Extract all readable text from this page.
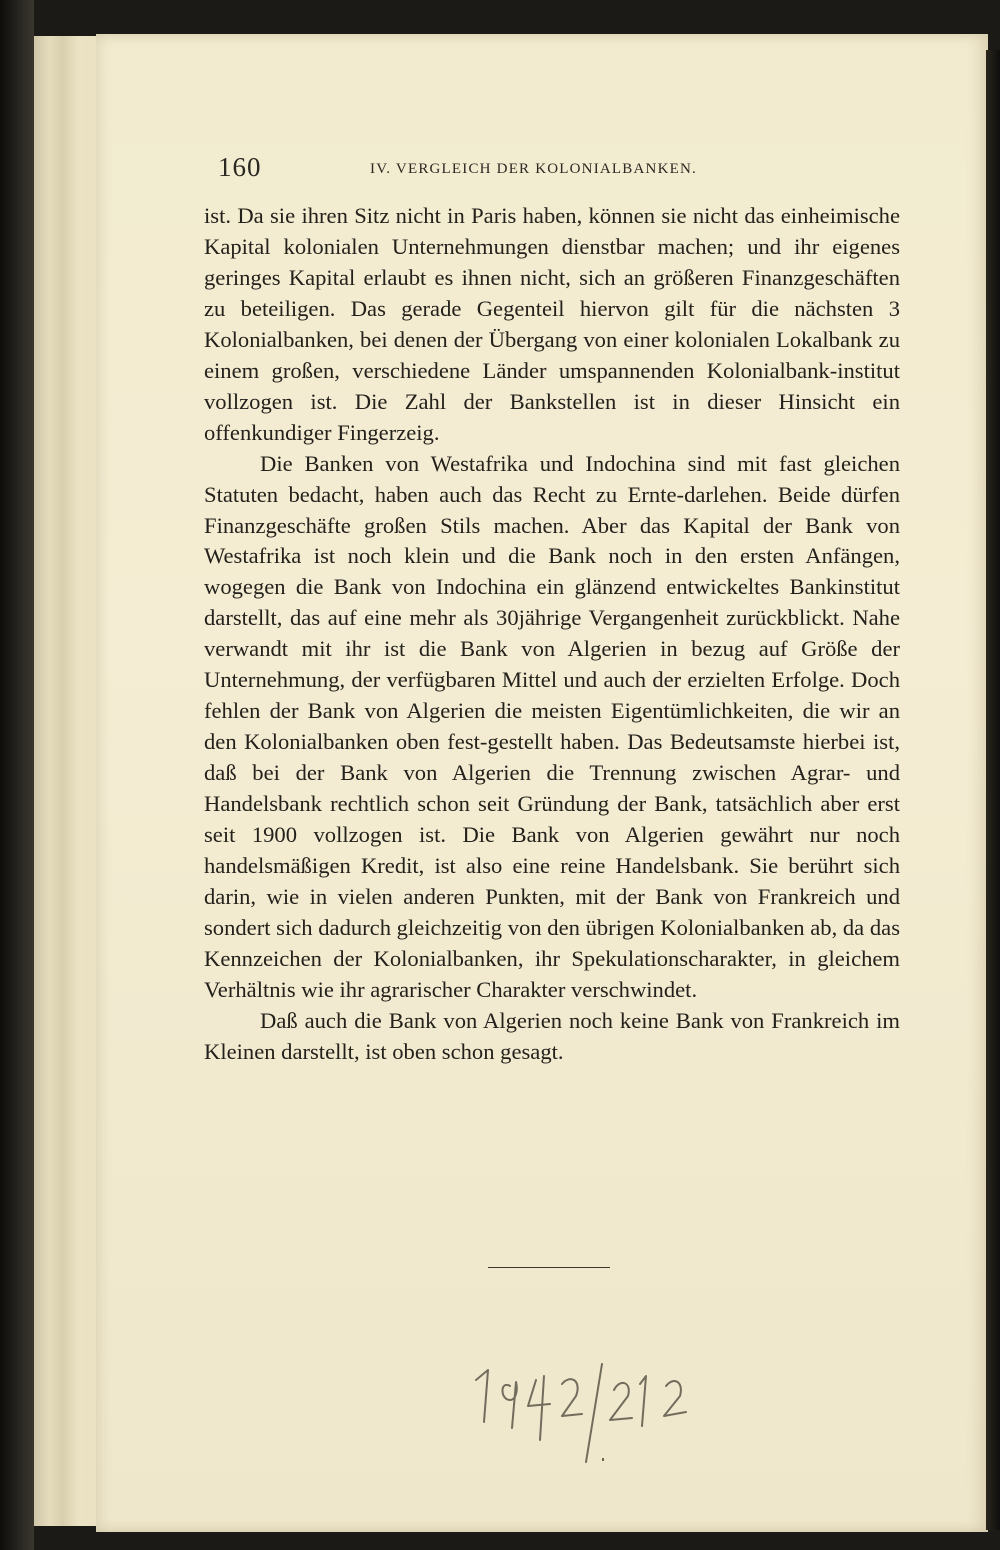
160	IV. VERGLEICH DER KOLONIALBANKEN.

ist. Da sie ihren Sitz nicht in Paris haben, können sie nicht das einheimische Kapital kolonialen Unternehmungen dienstbar machen; und ihr eigenes geringes Kapital erlaubt es ihnen nicht, sich an größeren Finanzgeschäften zu beteiligen. Das gerade Gegenteil hiervon gilt für die nächsten 3 Kolonialbanken, bei denen der Übergang von einer kolonialen Lokalbank zu einem großen, verschiedene Länder umspannenden Kolonialbank-institut vollzogen ist. Die Zahl der Bankstellen ist in dieser Hinsicht ein offenkundiger Fingerzeig.

Die Banken von Westafrika und Indochina sind mit fast gleichen Statuten bedacht, haben auch das Recht zu Ernte-darlehen. Beide dürfen Finanzgeschäfte großen Stils machen. Aber das Kapital der Bank von Westafrika ist noch klein und die Bank noch in den ersten Anfängen, wogegen die Bank von Indochina ein glänzend entwickeltes Bankinstitut darstellt, das auf eine mehr als 30jährige Vergangenheit zurückblickt. Nahe verwandt mit ihr ist die Bank von Algerien in bezug auf Größe der Unternehmung, der verfügbaren Mittel und auch der erzielten Erfolge. Doch fehlen der Bank von Algerien die meisten Eigentümlichkeiten, die wir an den Kolonialbanken oben fest-gestellt haben. Das Bedeutsamste hierbei ist, daß bei der Bank von Algerien die Trennung zwischen Agrar- und Handelsbank rechtlich schon seit Gründung der Bank, tatsächlich aber erst seit 1900 vollzogen ist. Die Bank von Algerien gewährt nur noch handelsmäßigen Kredit, ist also eine reine Handelsbank. Sie berührt sich darin, wie in vielen anderen Punkten, mit der Bank von Frankreich und sondert sich dadurch gleichzeitig von den übrigen Kolonialbanken ab, da das Kennzeichen der Kolonialbanken, ihr Spekulationscharakter, in gleichem Verhältnis wie ihr agrarischer Charakter verschwindet.

Daß auch die Bank von Algerien noch keine Bank von Frankreich im Kleinen darstellt, ist oben schon gesagt.
